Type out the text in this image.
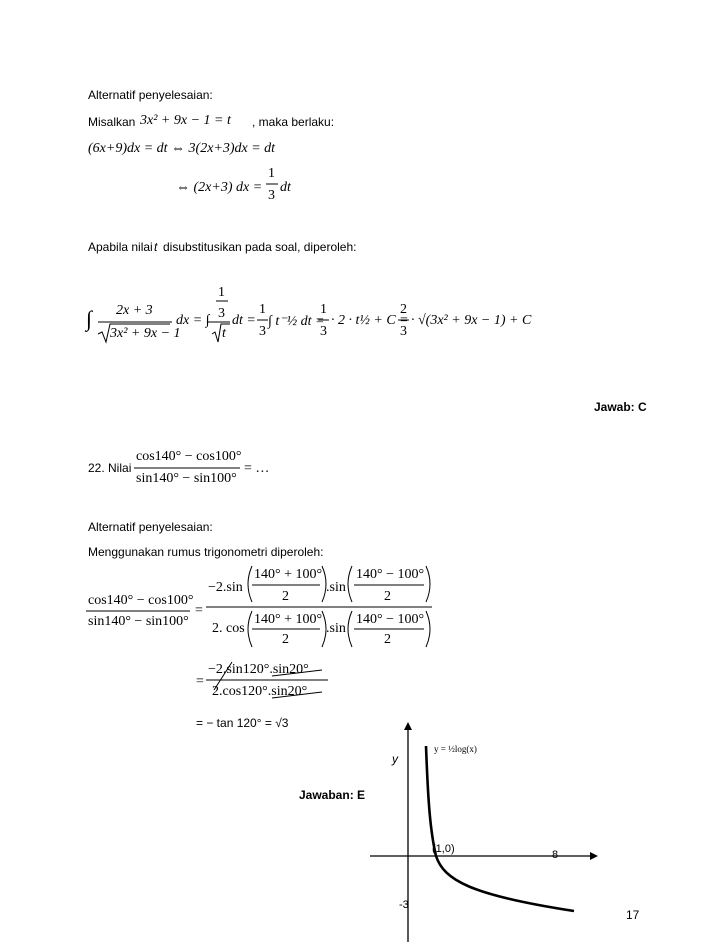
Alternatif penyelesaian:
Misalkan 3x² + 9x − 1 = t , maka berlaku:
(6x+9)dx = dt ⇔ 3(2x+3)dx = dt
⇔ (2x+3) dx =
1
3
dt
Apabila nilai t disubstitusikan pada soal, diperoleh:
∫ 2x + 3
3x² + 9x − 1
dx = ∫
1
3
t
dt =
1
3
∫ t⁻½ dt =
1
3
· 2 · t½ + C =
2
3
· √(3x² + 9x − 1) + C
Jawab: C
22. Nilai
cos140° − cos100°
sin140° − sin100°
= …
Alternatif penyelesaian:
Menggunakan rumus trigonometri diperoleh:
cos140° − cos100°
sin140° − sin100°
=
−2.sin
140° + 100°
2
.sin
140° − 100°
2
2. cos
140° + 100°
2
.sin
140° − 100°
2
=
−2.sin120°.sin20°
2.cos120°.sin20°
= − tan 120° = √3
Jawaban: E
y
y = ½log(x)
(1,0)	8
-3
17
